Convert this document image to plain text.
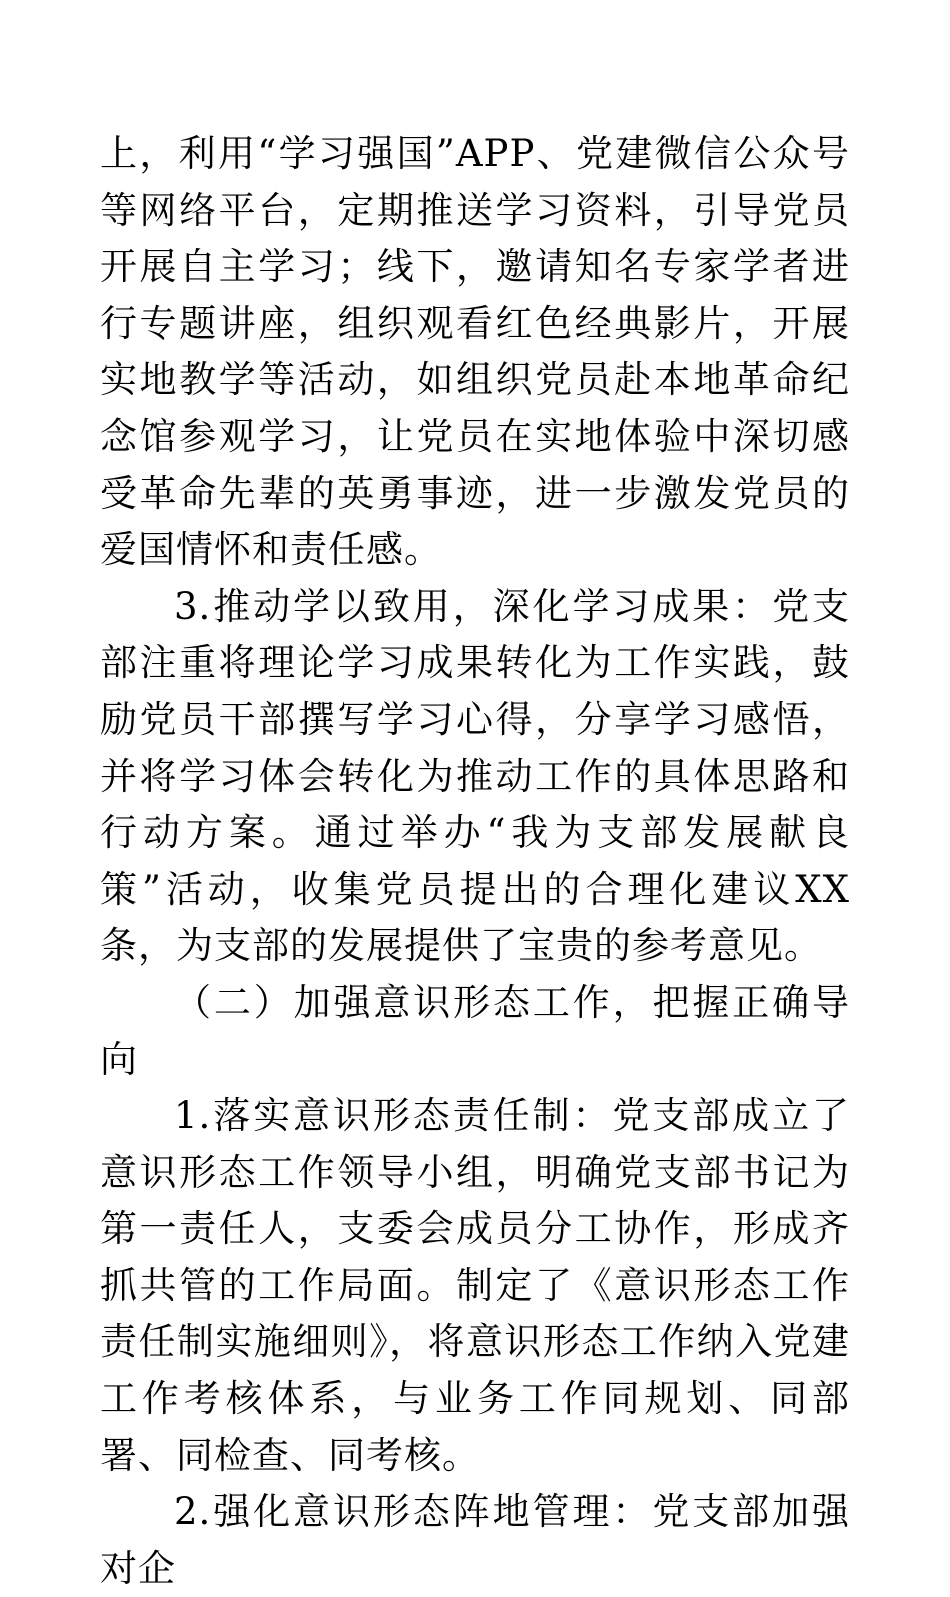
上，利用“学习强国”APP、党建微信公众号等网络平台，定期推送学习资料，引导党员开展自主学习；线下，邀请知名专家学者进行专题讲座，组织观看红色经典影片，开展实地教学等活动，如组织党员赴本地革命纪念馆参观学习，让党员在实地体验中深切感受革命先辈的英勇事迹，进一步激发党员的爱国情怀和责任感。

3.推动学以致用，深化学习成果：党支部注重将理论学习成果转化为工作实践，鼓励党员干部撰写学习心得，分享学习感悟，并将学习体会转化为推动工作的具体思路和行动方案。通过举办“我为支部发展献良策”活动，收集党员提出的合理化建议XX条，为支部的发展提供了宝贵的参考意见。

（二）加强意识形态工作，把握正确导向

1.落实意识形态责任制：党支部成立了意识形态工作领导小组，明确党支部书记为第一责任人，支委会成员分工协作，形成齐抓共管的工作局面。制定了《意识形态工作责任制实施细则》，将意识形态工作纳入党建工作考核体系，与业务工作同规划、同部署、同检查、同考核。

2.强化意识形态阵地管理：党支部加强对企
